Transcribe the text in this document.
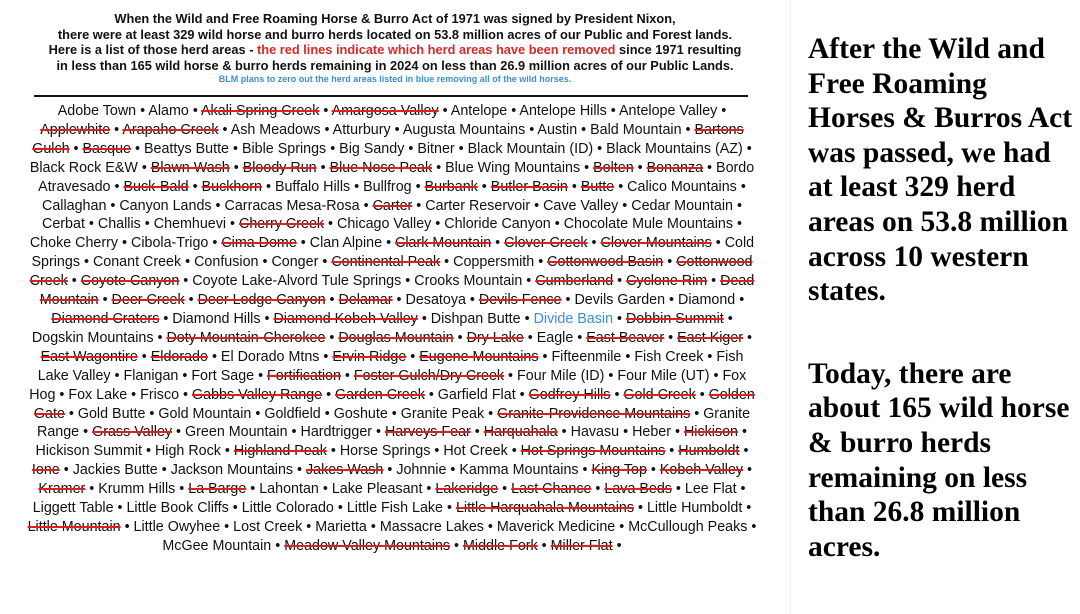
When the Wild and Free Roaming Horse & Burro Act of 1971 was signed by President Nixon,
there were at least 329 wild horse and burro herds located on 53.8 million acres of our Public and Forest lands.
Here is a list of those herd areas - the red lines indicate which herd areas have been removed since 1971 resulting
in less than 165 wild horse & burro herds remaining in 2024 on less than 26.9 million acres of our Public Lands.
BLM plans to zero out the herd areas listed in blue removing all of the wild horses.
Adobe Town • Alamo • Akali Spring Creek • Amargosa Valley • Antelope • Antelope Hills • Antelope Valley • Applewhite • Arapaho Creek • Ash Meadows • Atturbury • Augusta Mountains • Austin • Bald Mountain • Bartons Gulch • Basque • Beattys Butte • Bible Springs • Big Sandy • Bitner • Black Mountain (ID) • Black Mountains (AZ) • Black Rock E&W • Blawn Wash • Bloody Run • Blue Nose Peak • Blue Wing Mountains • Bolten • Bonanza • Bordo Atravesado • Buck-Bald • Buckhorn • Buffalo Hills • Bullfrog • Burbank • Butler Basin • Butte • Calico Mountains • Callaghan • Canyon Lands • Carracas Mesa-Rosa • Carter • Carter Reservoir • Cave Valley • Cedar Mountain • Cerbat • Challis • Chemhuevi • Cherry Creek • Chicago Valley • Chloride Canyon • Chocolate Mule Mountains • Choke Cherry • Cibola-Trigo • Cima Dome • Clan Alpine • Clark Mountain • Clover Creek • Clover Mountains • Cold Springs • Conant Creek • Confusion • Conger • Continental Peak • Coppersmith • Cottonwood Basin • Cottonwood Creek • Coyote Canyon • Coyote Lake-Alvord Tule Springs • Crooks Mountain • Cumberland • Cyclone Rim • Dead Mountain • Deer Creek • Deer Lodge Canyon • Delamar • Desatoya • Devils Fence • Devils Garden • Diamond • Diamond Craters • Diamond Hills • Diamond Kobeh Valley • Dishpan Butte • Divide Basin • Dobbin Summit • Dogskin Mountains • Doty Mountain-Cherokee • Douglas Mountain • Dry Lake • Eagle • East Beaver • East Kiger • East Wagontire • Eldorado • El Dorado Mtns • Ervin Ridge • Eugene Mountains • Fifteenmile • Fish Creek • Fish Lake Valley • Flanigan • Fort Sage • Fortification • Foster Gulch/Dry Creek • Four Mile (ID) • Four Mile (UT) • Fox Hog • Fox Lake • Frisco • Gabbs Valley Range • Garden Creek • Garfield Flat • Godfrey Hills • Gold Creek • Golden Gate • Gold Butte • Gold Mountain • Goldfield • Goshute • Granite Peak • Granite-Providence Mountains • Granite Range • Grass Valley • Green Mountain • Hardtrigger • Harveys Fear • Harquahala • Havasu • Heber • Hickison • Hickison Summit • High Rock • Highland Peak • Horse Springs • Hot Creek • Hot Springs Mountains • Humboldt • Ione • Jackies Butte • Jackson Mountains • Jakes Wash • Johnnie • Kamma Mountains • King Top • Kobeh Valley • Kramer • Krumm Hills • La Barge • Lahontan • Lake Pleasant • Lakeridge • Last Chance • Lava Beds • Lee Flat • Liggett Table • Little Book Cliffs • Little Colorado • Little Fish Lake • Little Harquahala Mountains • Little Humboldt • Little Mountain • Little Owyhee • Lost Creek • Marietta • Massacre Lakes • Maverick Medicine • McCullough Peaks • McGee Mountain • Meadow Valley Mountains • Middle Fork • Miller Flat •

After the Wild and Free Roaming Horses & Burros Act was passed, we had at least 329 herd areas on 53.8 million across 10 western states.

Today, there are about 165 wild horse & burro herds remaining on less than 26.8 million acres.
